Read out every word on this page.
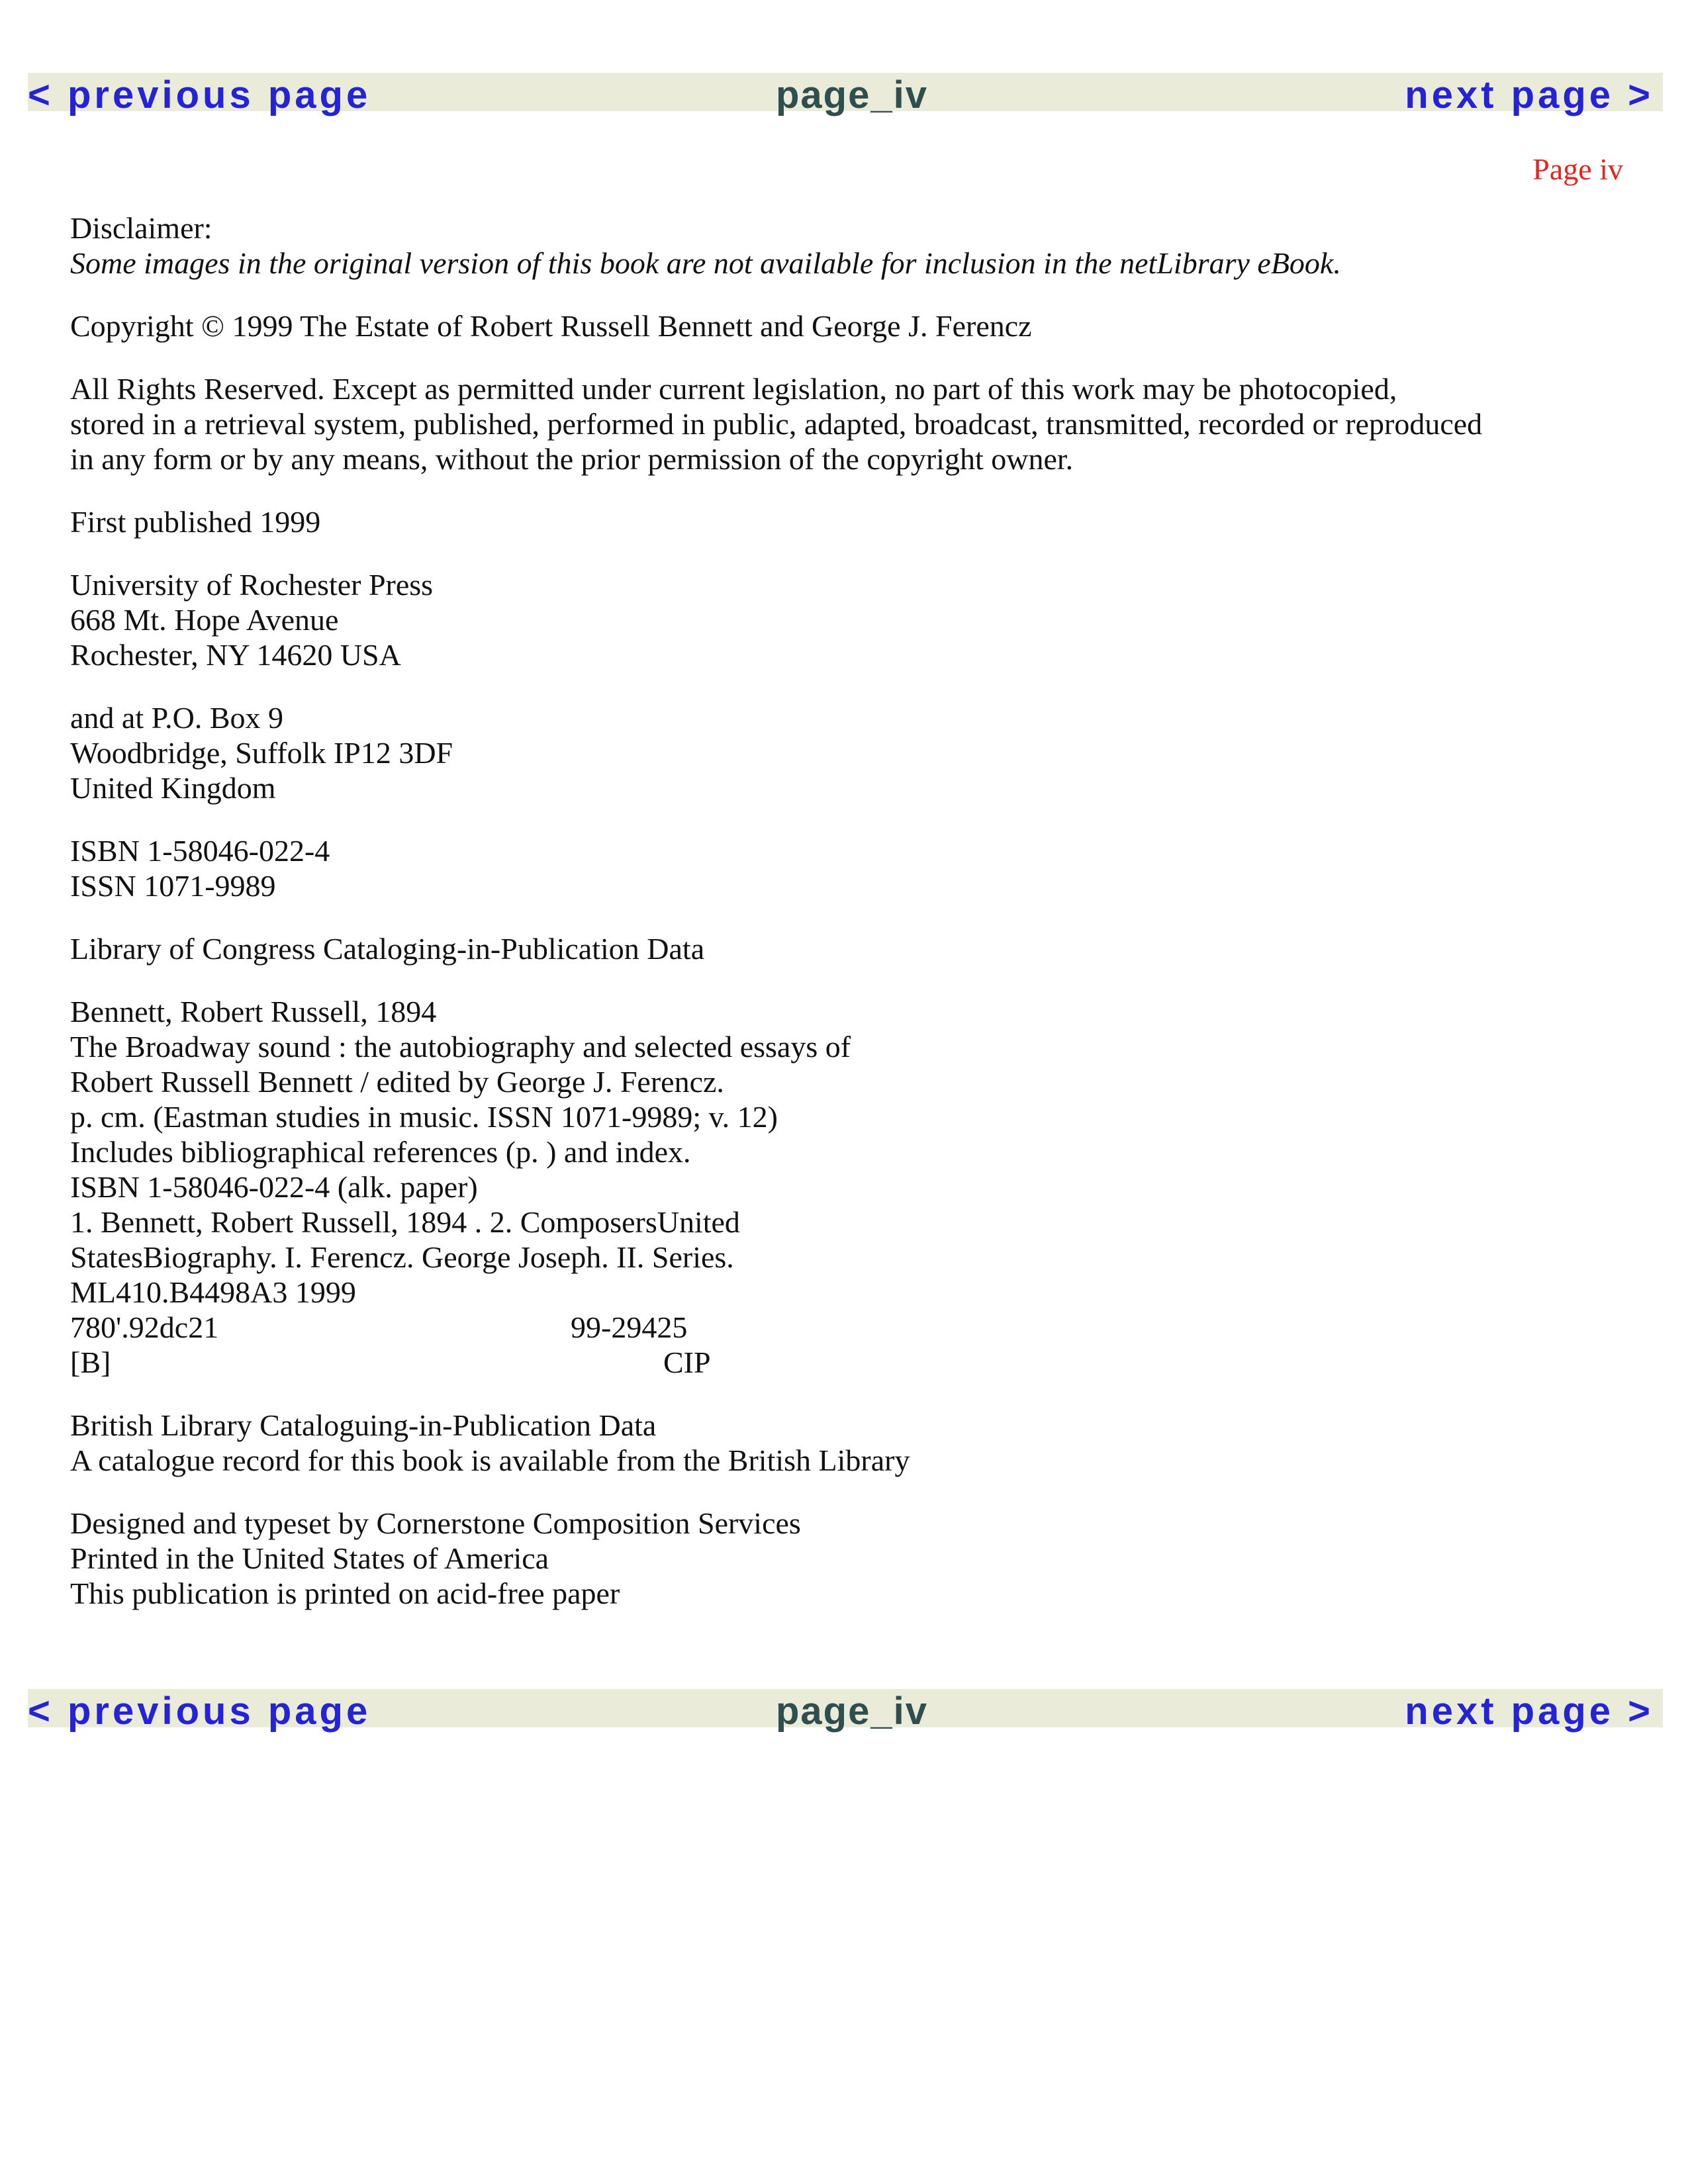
< previous page	page_iv	next page >
Page iv
Disclaimer:
Some images in the original version of this book are not available for inclusion in the netLibrary eBook.
Copyright © 1999 The Estate of Robert Russell Bennett and George J. Ferencz
All Rights Reserved. Except as permitted under current legislation, no part of this work may be photocopied,
stored in a retrieval system, published, performed in public, adapted, broadcast, transmitted, recorded or reproduced
in any form or by any means, without the prior permission of the copyright owner.
First published 1999
University of Rochester Press
668 Mt. Hope Avenue
Rochester, NY 14620 USA
and at P.O. Box 9
Woodbridge, Suffolk IP12 3DF
United Kingdom
ISBN 1-58046-022-4
ISSN 1071-9989
Library of Congress Cataloging-in-Publication Data
Bennett, Robert Russell, 1894
The Broadway sound : the autobiography and selected essays of
Robert Russell Bennett / edited by George J. Ferencz.
p. cm. (Eastman studies in music. ISSN 1071-9989; v. 12)
Includes bibliographical references (p. ) and index.
ISBN 1-58046-022-4 (alk. paper)
1. Bennett, Robert Russell, 1894 . 2. ComposersUnited
StatesBiography. I. Ferencz. George Joseph. II. Series.
ML410.B4498A3 1999
780'.92dc21	99-29425
[B]	CIP
British Library Cataloguing-in-Publication Data
A catalogue record for this book is available from the British Library
Designed and typeset by Cornerstone Composition Services
Printed in the United States of America
This publication is printed on acid-free paper
< previous page	page_iv	next page >
